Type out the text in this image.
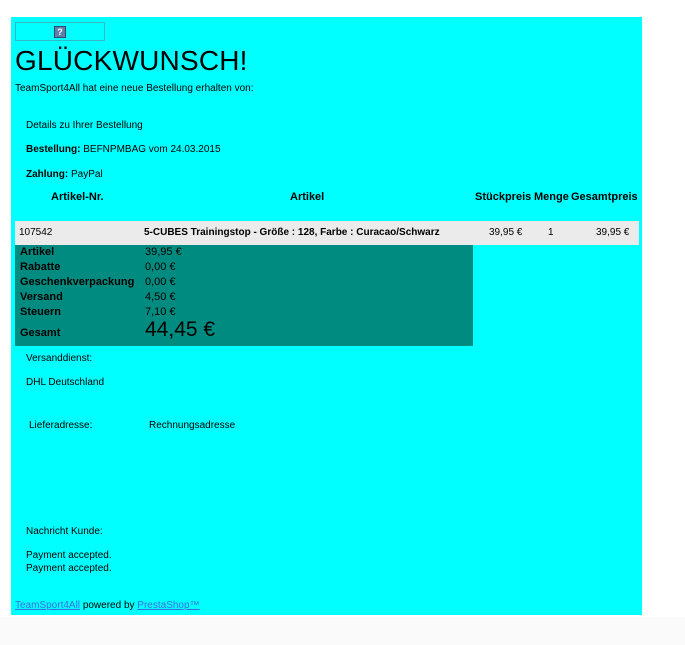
?
GLÜCKWUNSCH!
TeamSport4All hat eine neue Bestellung erhalten von:
Details zu Ihrer Bestellung
Bestellung: BEFNPMBAG vom 24.03.2015
Zahlung: PayPal
Artikel-Nr.	Artikel	Stückpreis Menge Gesamtpreis
107542	5-CUBES Trainingstop - Größe : 128, Farbe : Curacao/Schwarz	39,95 €	1	39,95 €
Artikel	39,95 €
Rabatte	0,00 €
Geschenkverpackung 0,00 €
Versand	4,50 €
Steuern	7,10 €
Gesamt	44,45 €
Versanddienst:
DHL Deutschland
Lieferadresse:	Rechnungsadresse
Nachricht Kunde:
Payment accepted.
Payment accepted.
TeamSport4All powered by PrestaShop™
